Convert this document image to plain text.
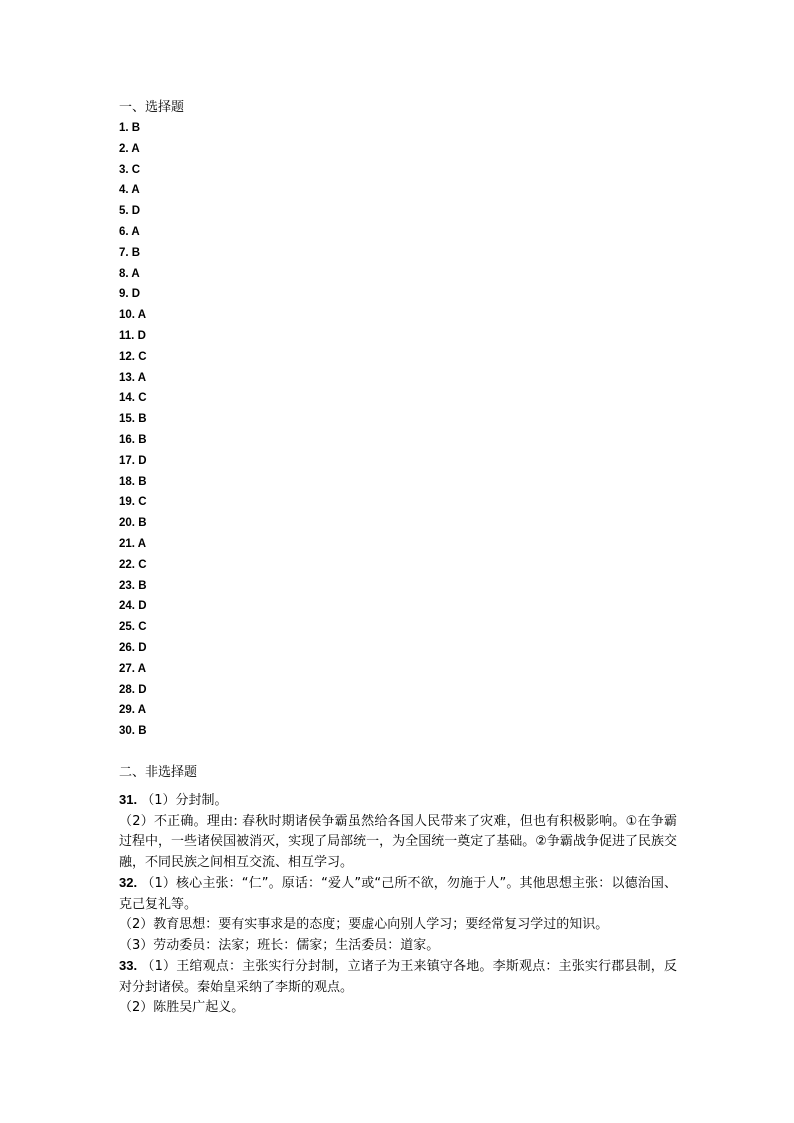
一、选择题
1. B
2. A
3. C
4. A
5. D
6. A
7. B
8. A
9. D
10. A
11. D
12. C
13. A
14. C
15. B
16. B
17. D
18. B
19. C
20. B
21. A
22. C
23. B
24. D
25. C
26. D
27. A
28. D
29. A
30. B
二、非选择题

31. （1）分封制。

（2）不正确。理由: 春秋时期诸侯争霸虽然给各国人民带来了灾难，但也有积极影响。①在争霸过程中，一些诸侯国被消灭，实现了局部统一，为全国统一奠定了基础。②争霸战争促进了民族交融，不同民族之间相互交流、相互学习。

32. （1）核心主张：“仁”。原话：“爱人”或“己所不欲，勿施于人”。其他思想主张：以德治国、克己复礼等。

（2）教育思想：要有实事求是的态度；要虚心向别人学习；要经常复习学过的知识。

（3）劳动委员：法家；班长：儒家；生活委员：道家。

33. （1）王绾观点：主张实行分封制，立诸子为王来镇守各地。李斯观点：主张实行郡县制，反对分封诸侯。秦始皇采纳了李斯的观点。

（2）陈胜吴广起义。
